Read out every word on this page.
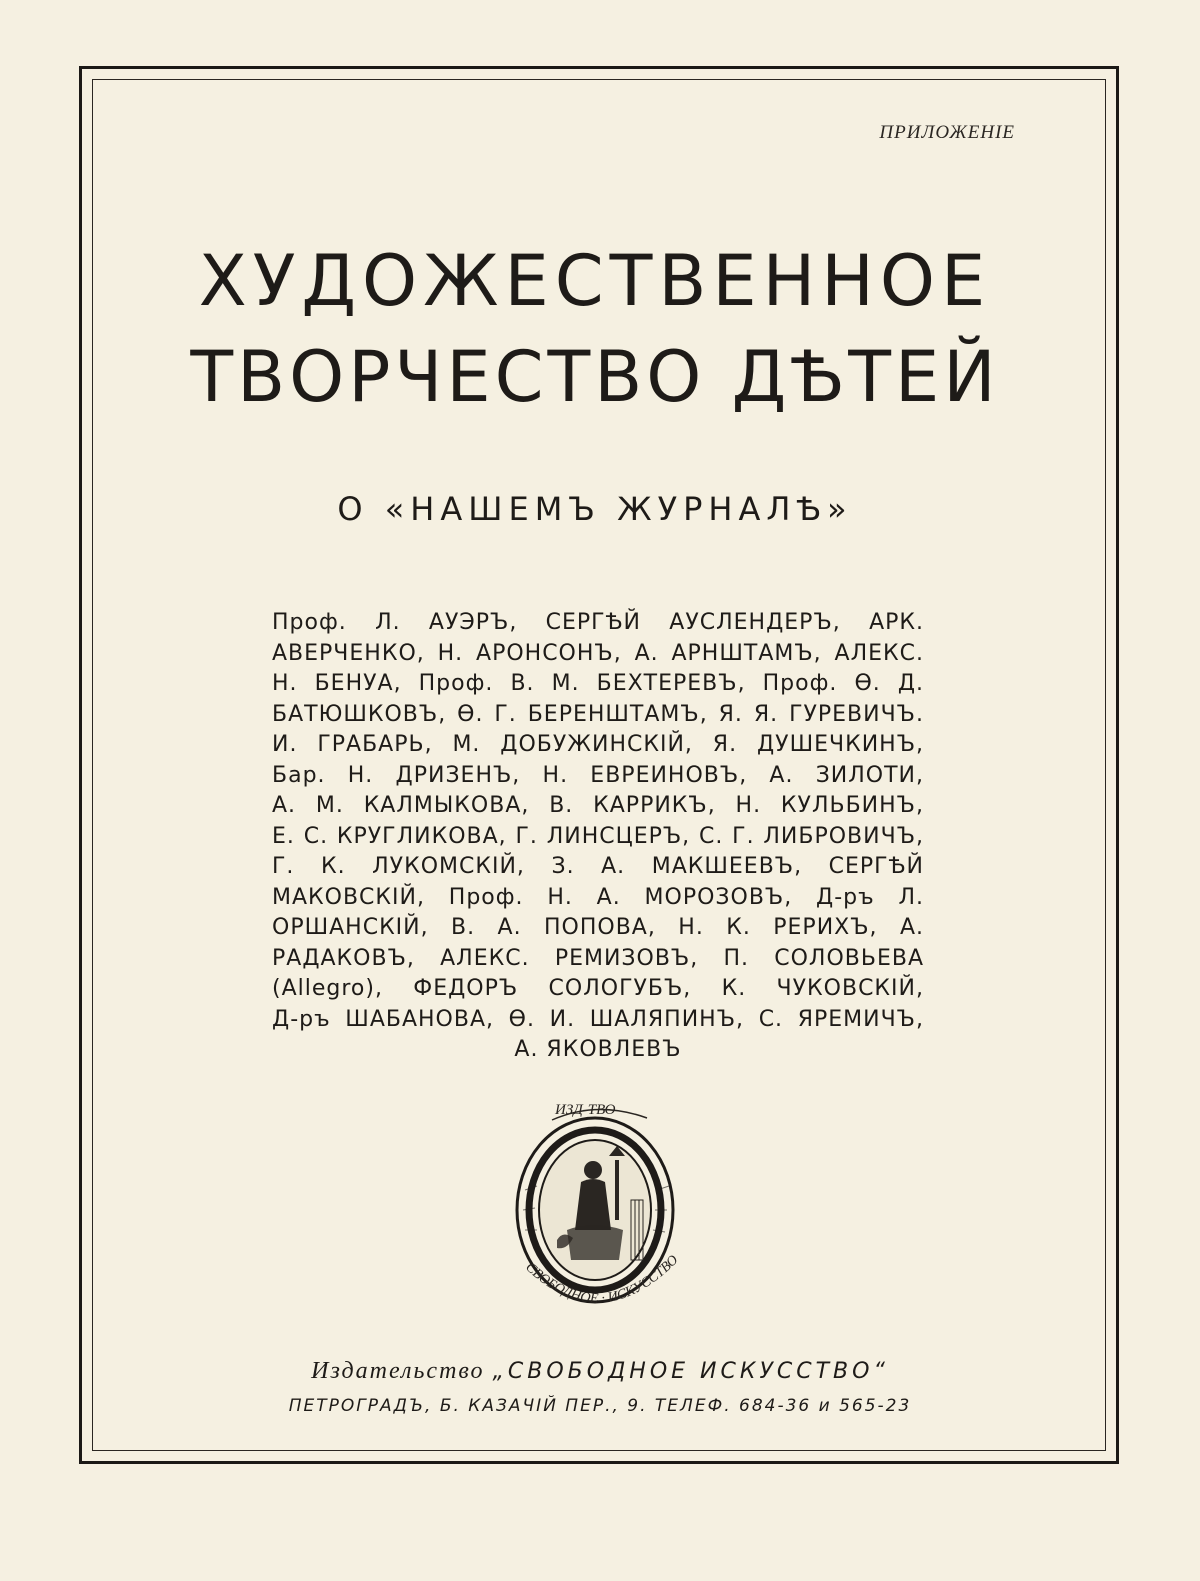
ПРИЛОЖЕНIЕ
ХУДОЖЕСТВЕННОЕ
ТВОРЧЕСТВО ДѢТЕЙ
О «НАШЕМЪ ЖУРНАЛѢ»
Проф. Л. АУЭРЪ, СЕРГѢЙ АУСЛЕНДЕРЪ, АРК.
АВЕРЧЕНКО, Н. АРОНСОНЪ, А. АРНШТАМЪ, АЛЕКС.
Н. БЕНУА, Проф. В. М. БЕХТЕРЕВЪ, Проф. Ѳ. Д.
БАТЮШКОВЪ, Ѳ. Г. БЕРЕНШТАМЪ, Я. Я. ГУРЕВИЧЪ.
И. ГРАБАРЬ, М. ДОБУЖИНСКIЙ, Я. ДУШЕЧКИНЪ,
Бар. Н. ДРИЗЕНЪ, Н. ЕВРЕИНОВЪ, А. ЗИЛОТИ,
А. М. КАЛМЫКОВА, В. КАРРИКЪ, Н. КУЛЬБИНЪ,
Е. С. КРУГЛИКОВА, Г. ЛИНСЦЕРЪ, С. Г. ЛИБРОВИЧЪ,
Г. К. ЛУКОМСКIЙ, З. А. МАКШЕЕВЪ, СЕРГѢЙ
МАКОВСКIЙ, Проф. Н. А. МОРОЗОВЪ, Д-ръ Л.
ОРШАНСКIЙ, В. А. ПОПОВА, Н. К. РЕРИХЪ, А.
РАДАКОВЪ, АЛЕКС. РЕМИЗОВЪ, П. СОЛОВЬЕВА
(Allegro), ФЕДОРЪ СОЛОГУБЪ, К. ЧУКОВСКIЙ,
Д-ръ ШАБАНОВА, Ѳ. И. ШАЛЯПИНЪ, С. ЯРЕМИЧЪ,
А. ЯКОВЛЕВЪ
ИЗД-ТВО
СВОБОДНОЕ · ИСКУССТВО
Издательство „СВОБОДНОЕ ИСКУССТВО“
ПЕТРОГРАДЪ, Б. КАЗАЧIЙ ПЕР., 9. ТЕЛЕФ. 684-36 и 565-23
